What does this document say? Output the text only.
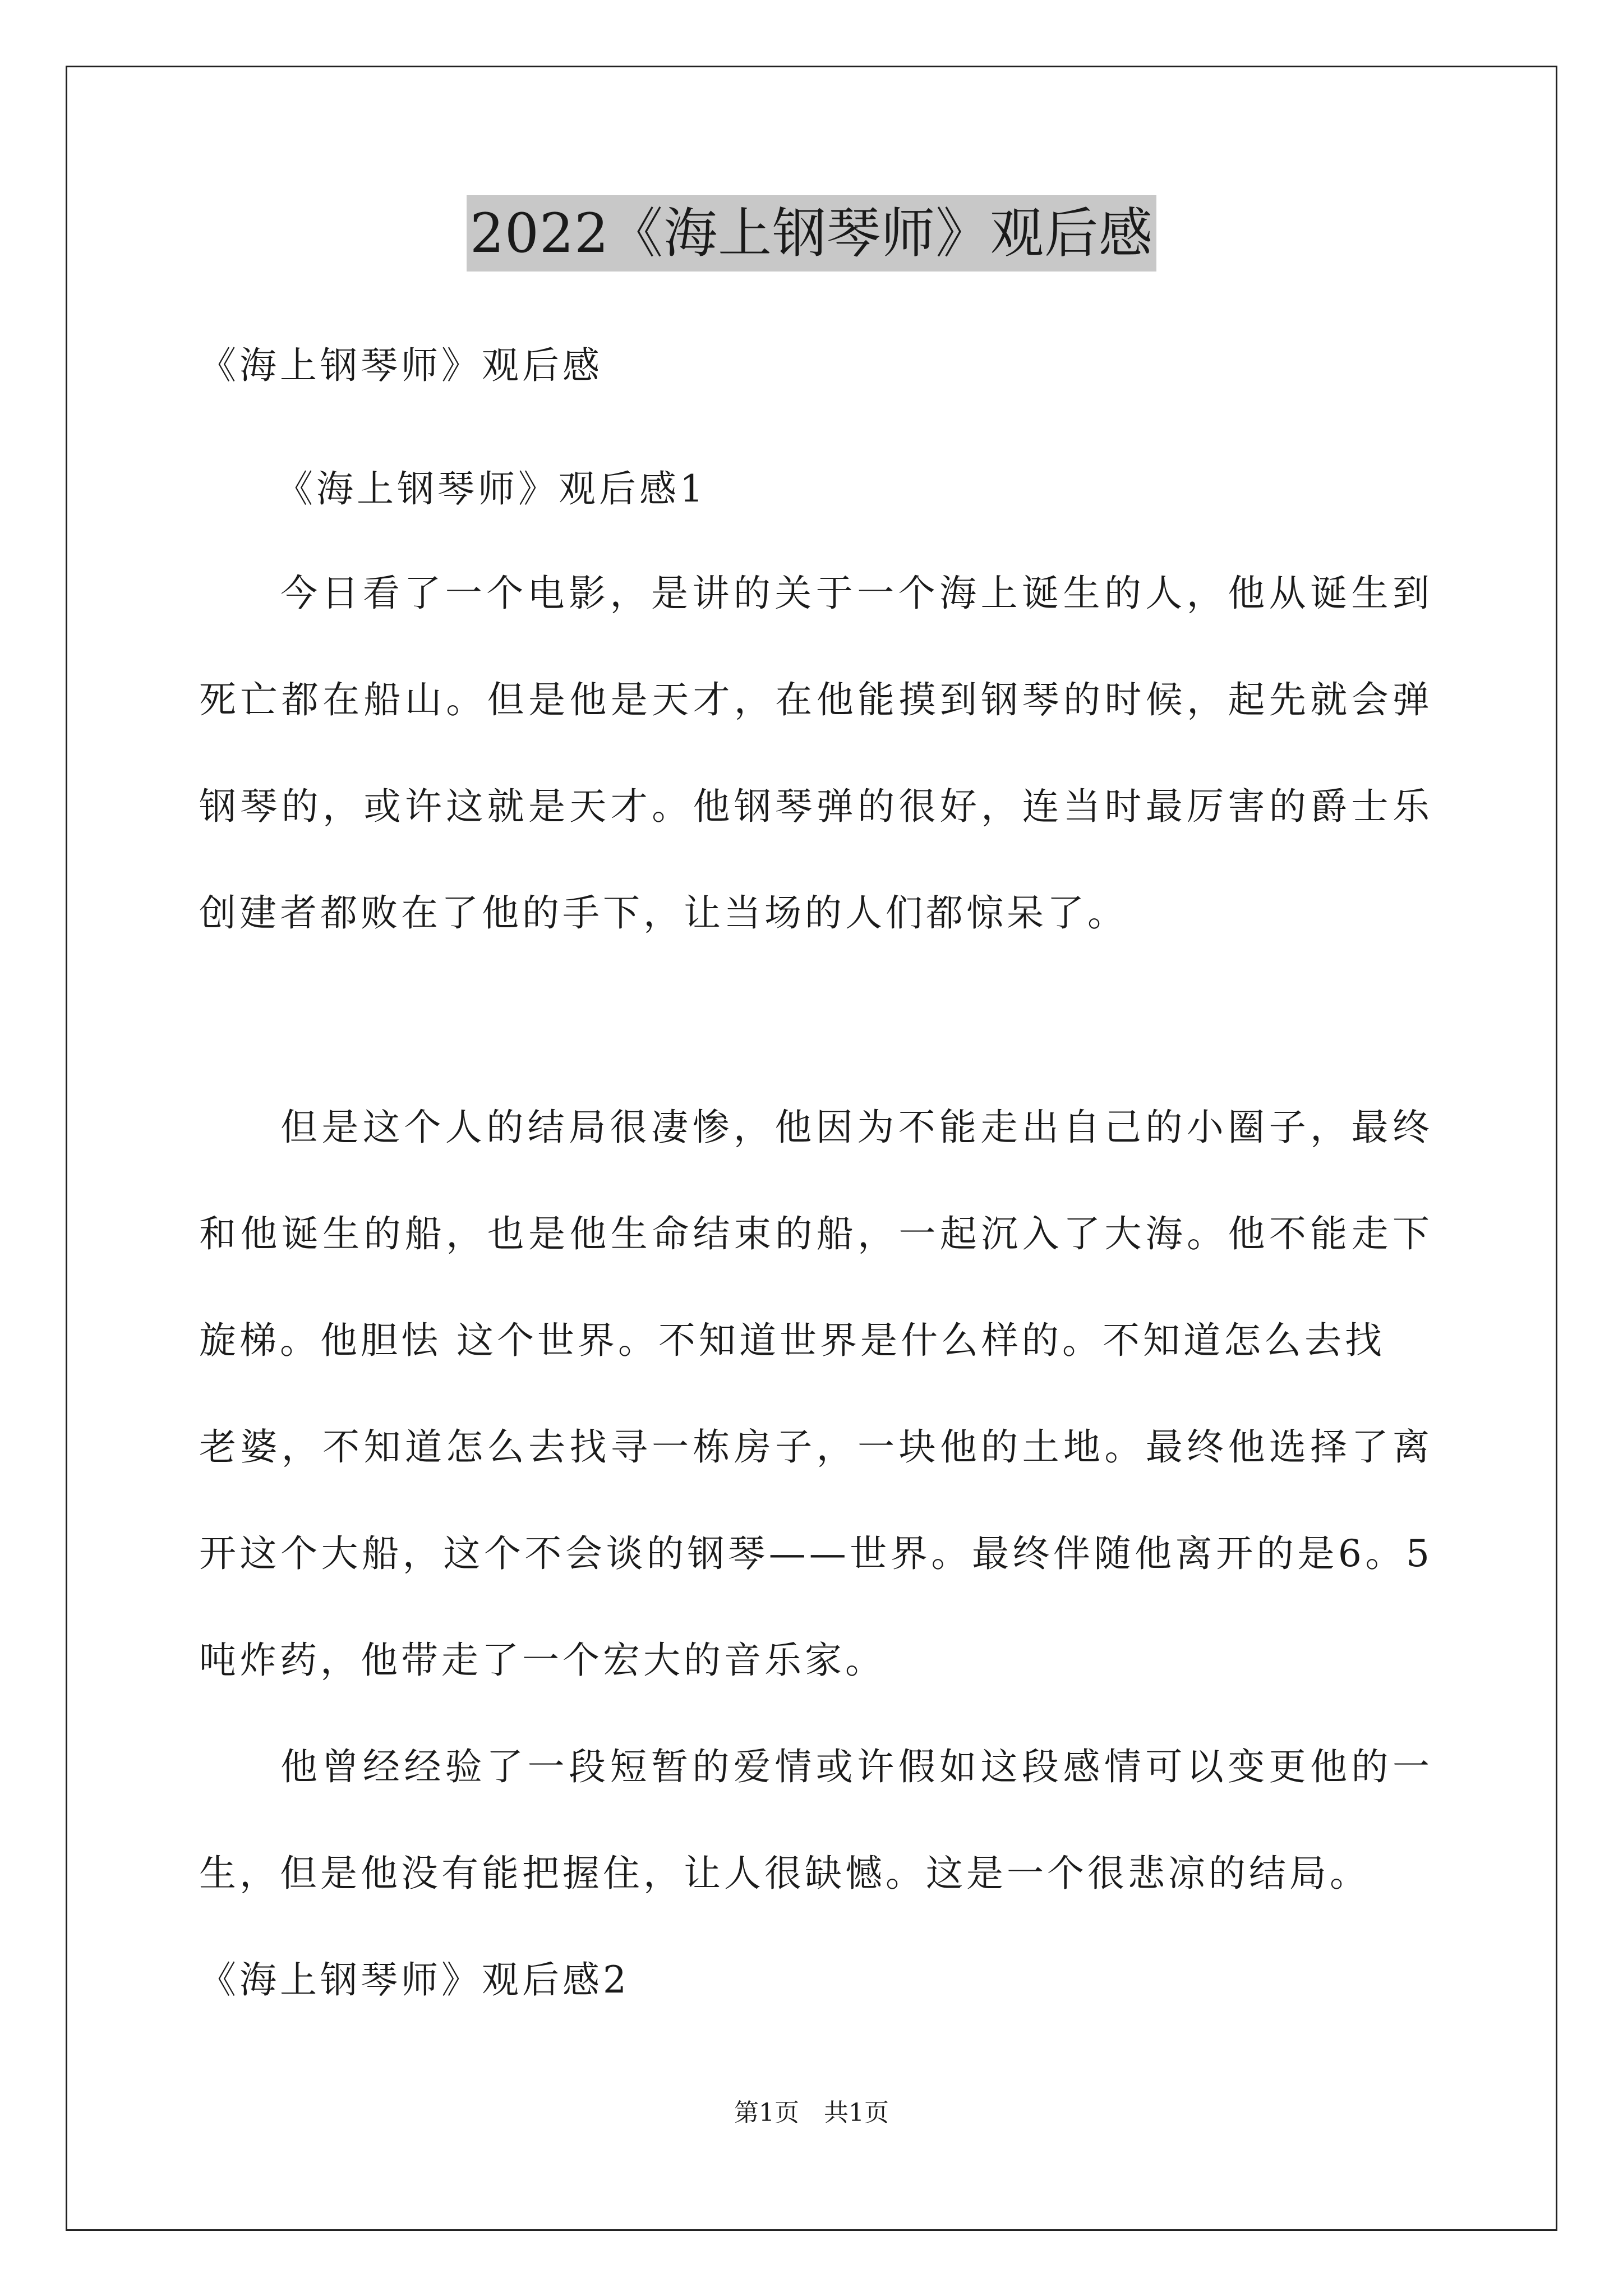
2022《海上钢琴师》观后感
《海上钢琴师》观后感
《海上钢琴师》观后感1
今日看了一个电影，是讲的关于一个海上诞生的人，他从诞生到
死亡都在船山。但是他是天才，在他能摸到钢琴的时候，起先就会弹
钢琴的，或许这就是天才。他钢琴弹的很好，连当时最厉害的爵士乐
创建者都败在了他的手下，让当场的人们都惊呆了。
但是这个人的结局很凄惨，他因为不能走出自己的小圈子，最终
和他诞生的船，也是他生命结束的船，一起沉入了大海。他不能走下
旋梯。他胆怯 这个世界。不知道世界是什么样的。不知道怎么去找
老婆，不知道怎么去找寻一栋房子，一块他的土地。最终他选择了离
开这个大船，这个不会谈的钢琴——世界。最终伴随他离开的是6。5
吨炸药，他带走了一个宏大的音乐家。
他曾经经验了一段短暂的爱情或许假如这段感情可以变更他的一
生，但是他没有能把握住，让人很缺憾。这是一个很悲凉的结局。
《海上钢琴师》观后感2
第1页　共1页
